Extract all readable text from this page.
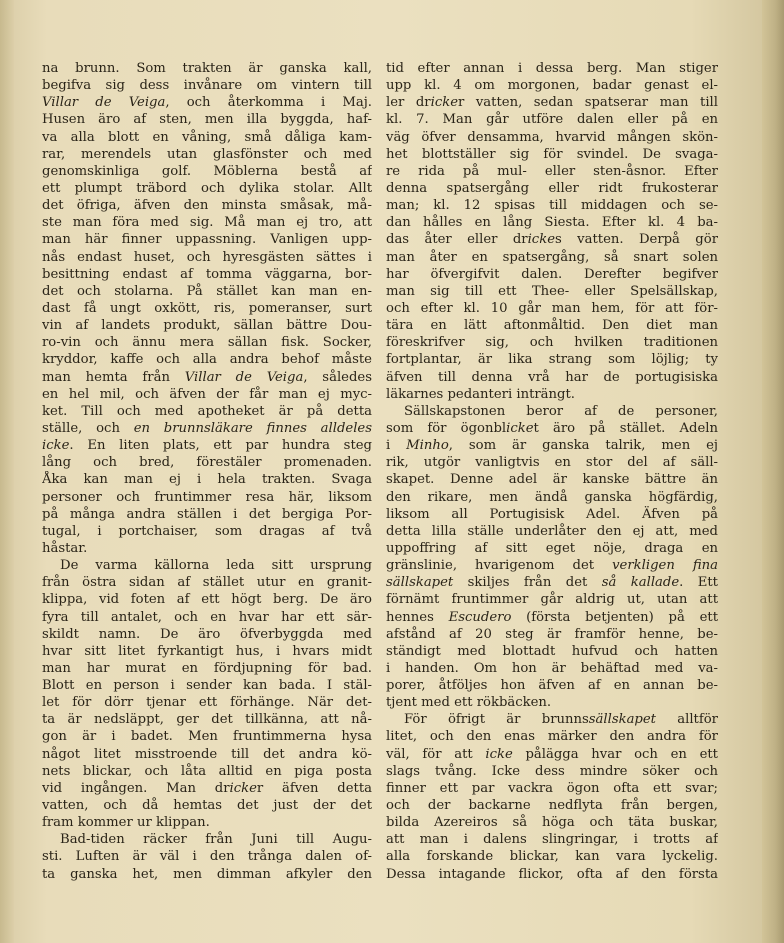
na brunn. Som trakten är ganska kall,
begifva sig dess invånare om vintern till
Villar de Veiga, och återkomma i Maj.
Husen äro af sten, men illa byggda, haf-
va alla blott en våning, små dåliga kam-
rar, merendels utan glasfönster och med
genomskinliga golf. Möblerna bestå af
ett plumpt träbord och dylika stolar. Allt
det öfriga, äfven den minsta småsak, må-
ste man föra med sig. Må man ej tro, att
man här finner uppassning. Vanligen upp-
nås endast huset, och hyresgästen sättes i
besittning endast af tomma väggarna, bor-
det och stolarna. På stället kan man en-
dast få ungt oxkött, ris, pomeranser, surt
vin af landets produkt, sällan bättre Dou-
ro-vin och ännu mera sällan fisk. Socker,
kryddor, kaffe och alla andra behof måste
man hemta från Villar de Veiga, således
en hel mil, och äfven der får man ej myc-
ket. Till och med apotheket är på detta
ställe, och en brunnsläkare finnes alldeles
icke. En liten plats, ett par hundra steg
lång och bred, förestäler promenaden.
Åka kan man ej i hela trakten. Svaga
personer och fruntimmer resa här, liksom
på många andra ställen i det bergiga Por-
tugal, i portchaiser, som dragas af två
håstar.
De varma källorna leda sitt ursprung
från östra sidan af stället utur en granit-
klippa, vid foten af ett högt berg. De äro
fyra till antalet, och en hvar har ett sär-
skildt namn. De äro öfverbyggda med
hvar sitt litet fyrkantigt hus, i hvars midt
man har murat en fördjupning för bad.
Blott en person i sender kan bada. I stäl-
let för dörr tjenar ett förhänge. När det-
ta är nedsläppt, ger det tillkänna, att nå-
gon är i badet. Men fruntimmerna hysa
något litet misstroende till det andra kö-
nets blickar, och låta alltid en piga posta
vid ingången. Man dricker äfven detta
vatten, och då hemtas det just der det
fram kommer ur klippan.
Bad-tiden räcker från Juni till Augu-
sti. Luften är väl i den trånga dalen of-
ta ganska het, men dimman afkyler den
tid efter annan i dessa berg. Man stiger
upp kl. 4 om morgonen, badar genast el-
ler dricker vatten, sedan spatserar man till
kl. 7. Man går utföre dalen eller på en
väg öfver densamma, hvarvid mången skön-
het blottställer sig för svindel. De svaga-
re rida på mul- eller sten-åsnor. Efter
denna spatsergång eller ridt frukosterar
man; kl. 12 spisas till middagen och se-
dan hålles en lång Siesta. Efter kl. 4 ba-
das åter eller drickes vatten. Derpå gör
man åter en spatsergång, så snart solen
har öfvergifvit dalen. Derefter begifver
man sig till ett Thee- eller Spelsällskap,
och efter kl. 10 går man hem, för att för-
tära en lätt aftonmåltid. Den diet man
föreskrifver sig, och hvilken traditionen
fortplantar, är lika strang som löjlig; ty
äfven till denna vrå har de portugisiska
läkarnes pedanteri inträngt.
Sällskapstonen beror af de personer,
som för ögonblicket äro på stället. Adeln
i Minho, som är ganska talrik, men ej
rik, utgör vanligtvis en stor del af säll-
skapet. Denne adel är kanske bättre än
den rikare, men ändå ganska högfärdig,
liksom all Portugisisk Adel. Äfven på
detta lilla ställe underlåter den ej att, med
uppoffring af sitt eget nöje, draga en
gränslinie, hvarigenom det verkligen fina
sällskapet skiljes från det så kallade. Ett
förnämt fruntimmer går aldrig ut, utan att
hennes Escudero (första betjenten) på ett
afstånd af 20 steg är framför henne, be-
ständigt med blottadt hufvud och hatten
i handen. Om hon är behäftad med va-
porer, åtföljes hon äfven af en annan be-
tjent med ett rökbäcken.
För öfrigt är brunnssällskapet alltför
litet, och den enas märker den andra för
väl, för att icke pålägga hvar och en ett
slags tvång. Icke dess mindre söker och
finner ett par vackra ögon ofta ett svar;
och der backarne nedflyta från bergen,
bilda Azereiros så höga och täta buskar,
att man i dalens slingringar, i trotts af
alla forskande blickar, kan vara lyckelig.
Dessa intagande flickor, ofta af den första
